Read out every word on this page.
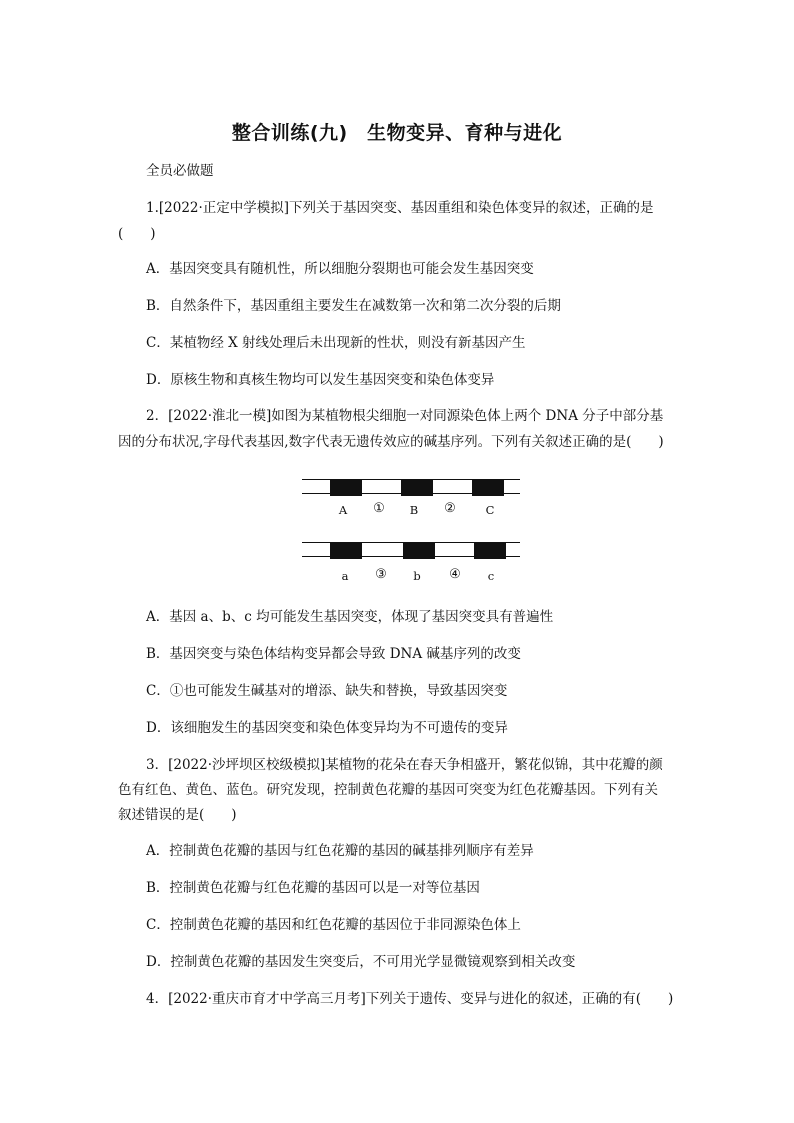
整合训练(九)　生物变异、育种与进化
全员必做题
1.[2022·正定中学模拟]下列关于基因突变、基因重组和染色体变异的叙述，正确的是
(　　)
A．基因突变具有随机性，所以细胞分裂期也可能会发生基因突变
B．自然条件下，基因重组主要发生在减数第一次和第二次分裂的后期
C．某植物经 X 射线处理后未出现新的性状，则没有新基因产生
D．原核生物和真核生物均可以发生基因突变和染色体变异
2．[2022·淮北一模]如图为某植物根尖细胞一对同源染色体上两个 DNA 分子中部分基
因的分布状况,字母代表基因,数字代表无遗传效应的碱基序列。下列有关叙述正确的是(　　)
A	①	B	②	C
a	③	b	④	c
A．基因 a、b、c 均可能发生基因突变，体现了基因突变具有普遍性
B．基因突变与染色体结构变异都会导致 DNA 碱基序列的改变
C．①也可能发生碱基对的增添、缺失和替换，导致基因突变
D．该细胞发生的基因突变和染色体变异均为不可遗传的变异
3．[2022·沙坪坝区校级模拟]某植物的花朵在春天争相盛开，繁花似锦，其中花瓣的颜
色有红色、黄色、蓝色。研究发现，控制黄色花瓣的基因可突变为红色花瓣基因。下列有关
叙述错误的是(　　)
A．控制黄色花瓣的基因与红色花瓣的基因的碱基排列顺序有差异
B．控制黄色花瓣与红色花瓣的基因可以是一对等位基因
C．控制黄色花瓣的基因和红色花瓣的基因位于非同源染色体上
D．控制黄色花瓣的基因发生突变后，不可用光学显微镜观察到相关改变
4．[2022·重庆市育才中学高三月考]下列关于遗传、变异与进化的叙述，正确的有(　　)
